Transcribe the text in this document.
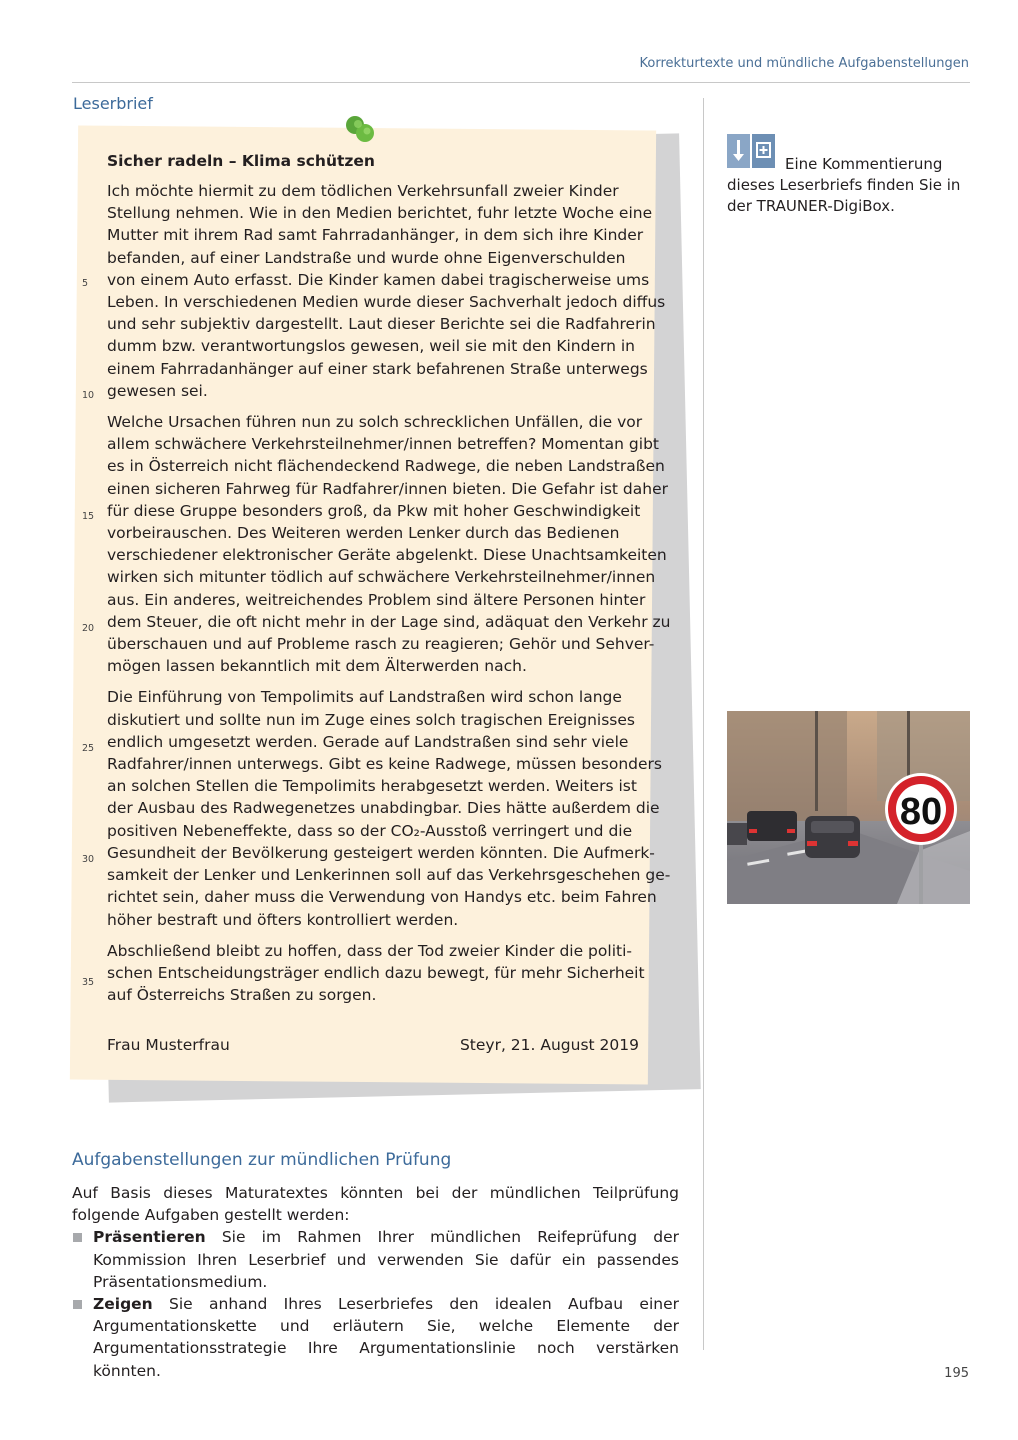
Korrekturtexte und mündliche Aufgabenstellungen
Leserbrief
Sicher radeln – Klima schützen

Ich möchte hiermit zu dem tödlichen Verkehrsunfall zweier Kinder
Stellung nehmen. Wie in den Medien berichtet, fuhr letzte Woche eine
Mutter mit ihrem Rad samt Fahrradanhänger, in dem sich ihre Kinder
befanden, auf einer Landstraße und wurde ohne Eigenverschulden
von einem Auto erfasst. Die Kinder kamen dabei tragischerweise ums
Leben. In verschiedenen Medien wurde dieser Sachverhalt jedoch diffus
und sehr subjektiv dargestellt. Laut dieser Berichte sei die Radfahrerin
dumm bzw. verantwortungslos gewesen, weil sie mit den Kindern in
einem Fahrradanhänger auf einer stark befahrenen Straße unterwegs
gewesen sei.

Welche Ursachen führen nun zu solch schrecklichen Unfällen, die vor
allem schwächere Verkehrsteilnehmer/innen betreffen? Momentan gibt
es in Österreich nicht flächendeckend Radwege, die neben Landstraßen
einen sicheren Fahrweg für Radfahrer/innen bieten. Die Gefahr ist daher
für diese Gruppe besonders groß, da Pkw mit hoher Geschwindigkeit
vorbeirauschen. Des Weiteren werden Lenker durch das Bedienen
verschiedener elektronischer Geräte abgelenkt. Diese Unachtsamkeiten
wirken sich mitunter tödlich auf schwächere Verkehrsteilnehmer/innen
aus. Ein anderes, weitreichendes Problem sind ältere Personen hinter
dem Steuer, die oft nicht mehr in der Lage sind, adäquat den Verkehr zu
überschauen und auf Probleme rasch zu reagieren; Gehör und Sehver-
mögen lassen bekanntlich mit dem Älterwerden nach.

Die Einführung von Tempolimits auf Landstraßen wird schon lange
diskutiert und sollte nun im Zuge eines solch tragischen Ereignisses
endlich umgesetzt werden. Gerade auf Landstraßen sind sehr viele
Radfahrer/innen unterwegs. Gibt es keine Radwege, müssen besonders
an solchen Stellen die Tempolimits herabgesetzt werden. Weiters ist
der Ausbau des Radwegenetzes unabdingbar. Dies hätte außerdem die
positiven Nebeneffekte, dass so der CO₂-Ausstoß verringert und die
Gesundheit der Bevölkerung gesteigert werden könnten. Die Aufmerk-
samkeit der Lenker und Lenkerinnen soll auf das Verkehrsgeschehen ge-
richtet sein, daher muss die Verwendung von Handys etc. beim Fahren
höher bestraft und öfters kontrolliert werden.

Abschließend bleibt zu hoffen, dass der Tod zweier Kinder die politi-
schen Entscheidungsträger endlich dazu bewegt, für mehr Sicherheit
auf Österreichs Straßen zu sorgen.

5
10
15
20
25
30
35
Frau Musterfrau	Steyr, 21. August 2019
Eine Kommentierung dieses Leserbriefs finden Sie in der TRAUNER-DigiBox.
80
Aufgabenstellungen zur mündlichen Prüfung

Auf Basis dieses Maturatextes könnten bei der mündlichen Teilprüfung folgende Aufgaben gestellt werden:

Präsentieren Sie im Rahmen Ihrer mündlichen Reifeprüfung der Kommission Ihren Leserbrief und verwenden Sie dafür ein passendes Präsentationsmedium.
Zeigen Sie anhand Ihres Leserbriefes den idealen Aufbau einer Argumentationskette und erläutern Sie, welche Elemente der Argumentationsstrategie Ihre Argumentationslinie noch verstärken könnten.	195
